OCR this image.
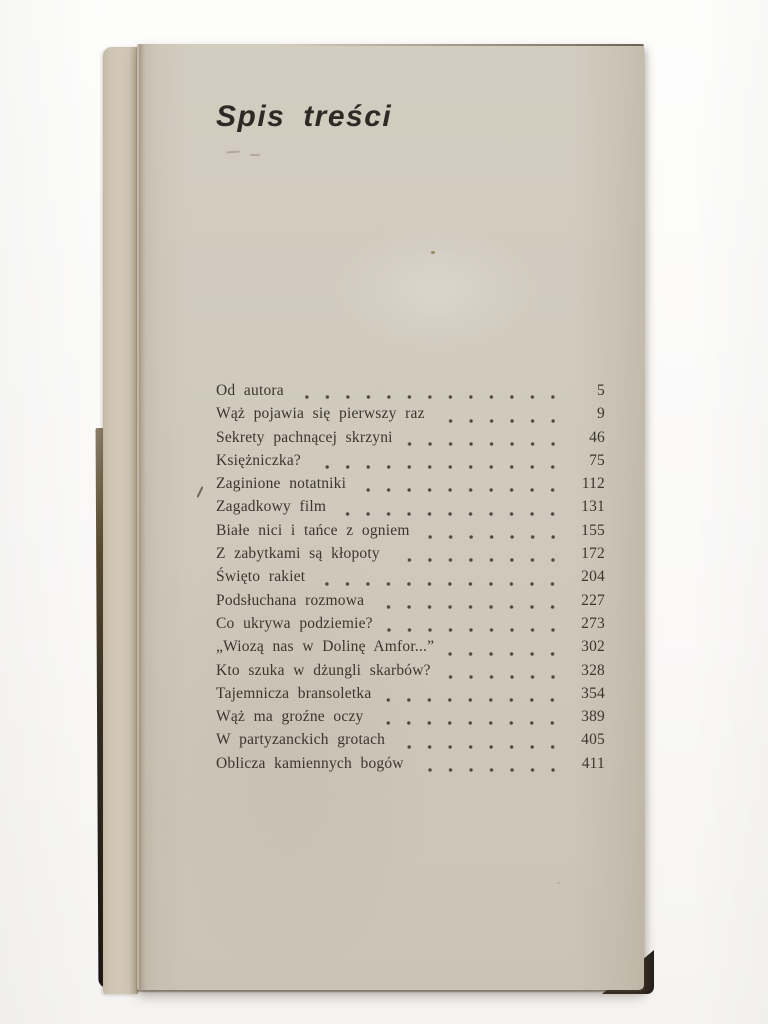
Spis treści
Od autora	5
Wąż pojawia się pierwszy raz	9
Sekrety pachnącej skrzyni	46
Księżniczka?	75
Zaginione notatniki	112
Zagadkowy film	131
Białe nici i tańce z ogniem	155
Z zabytkami są kłopoty	172
Święto rakiet	204
Podsłuchana rozmowa	227
Co ukrywa podziemie?	273
„Wiozą nas w Dolinę Amfor...”	302
Kto szuka w dżungli skarbów?	328
Tajemnicza bransoletka	354
Wąż ma groźne oczy	389
W partyzanckich grotach	405
Oblicza kamiennych bogów	411
